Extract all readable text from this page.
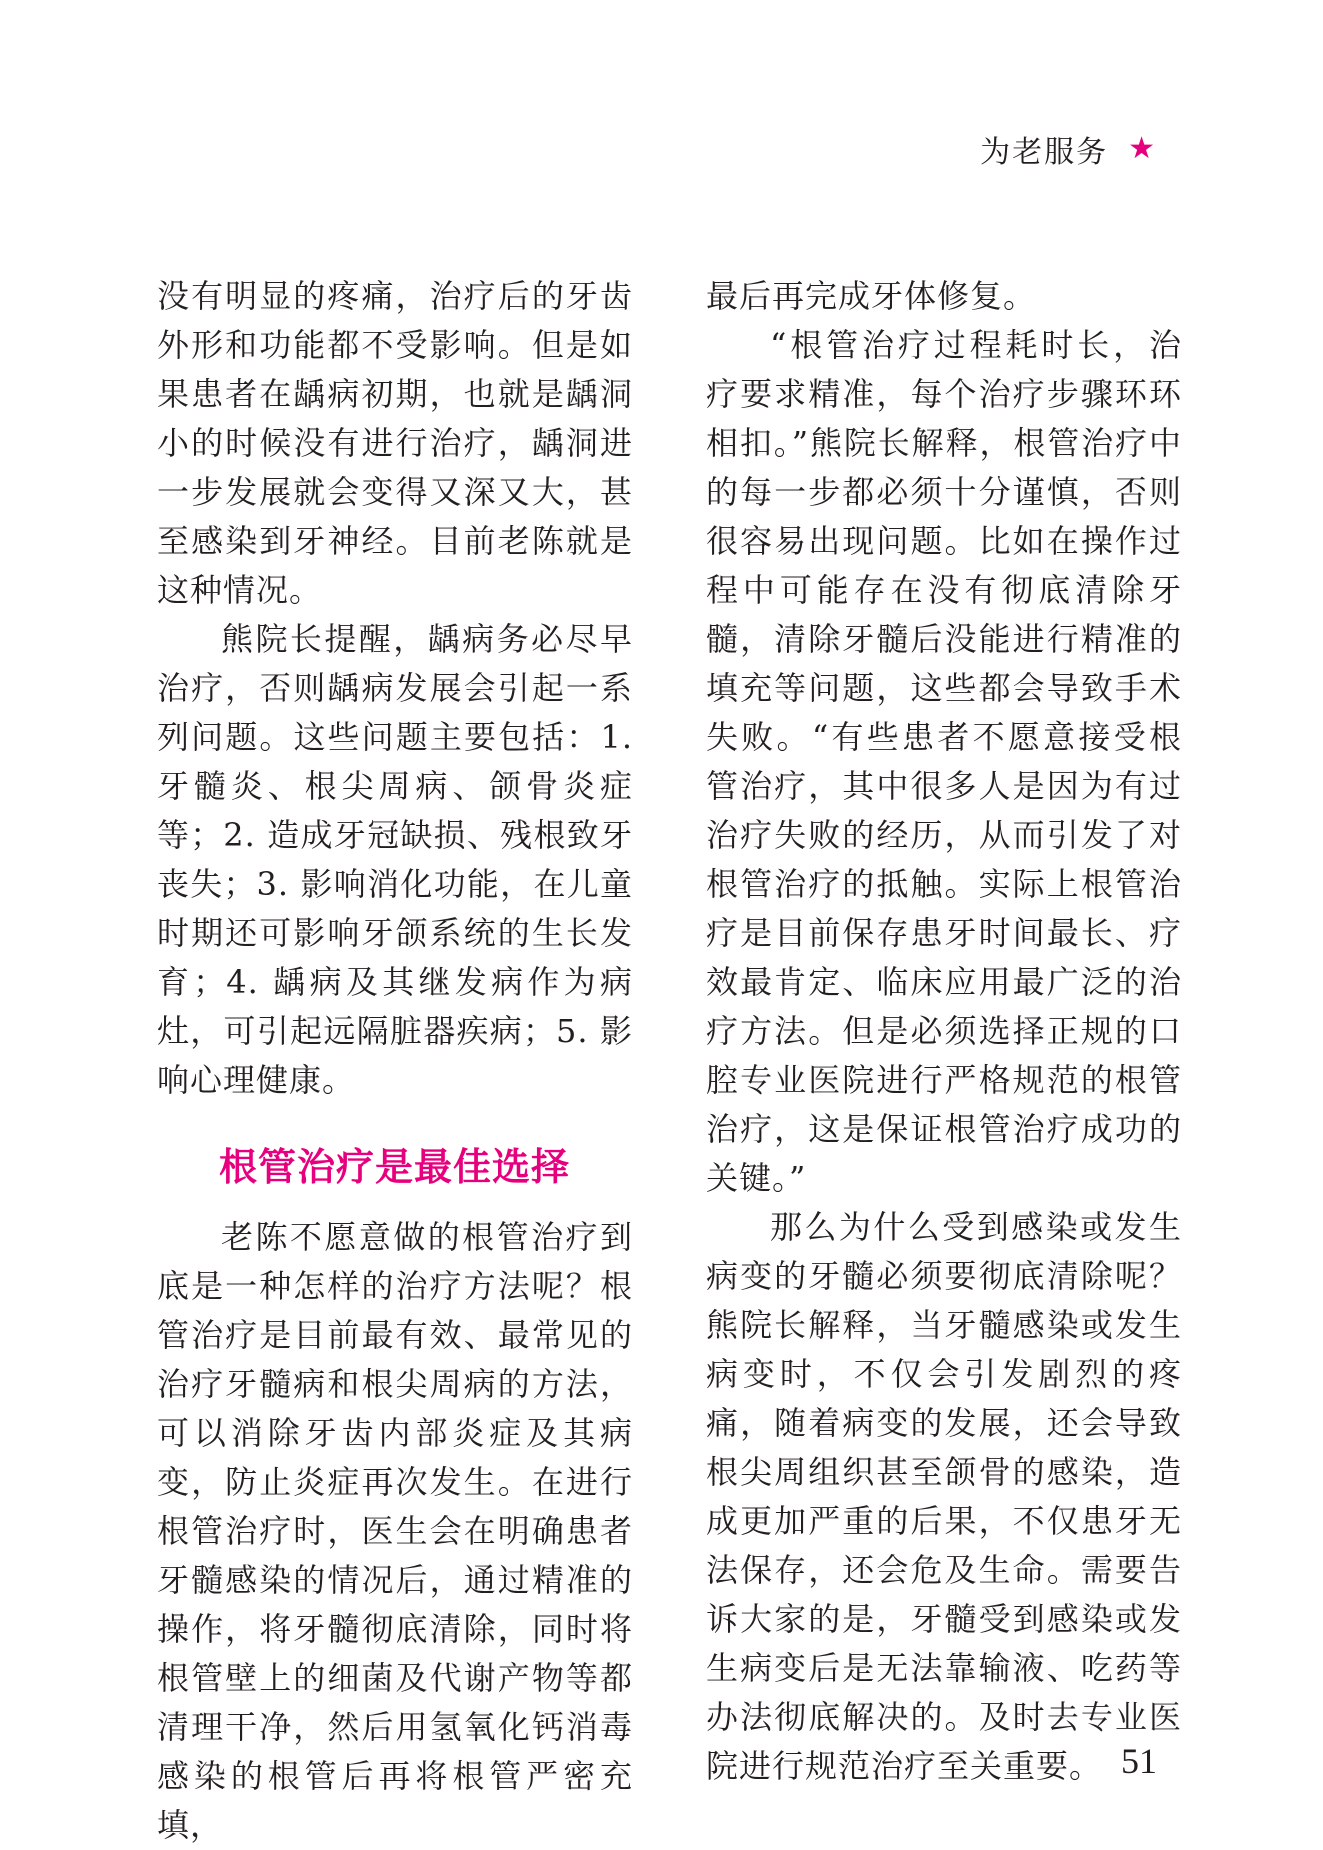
为老服务 ★

没有明显的疼痛，治疗后的牙齿外形和功能都不受影响。但是如果患者在龋病初期，也就是龋洞小的时候没有进行治疗，龋洞进一步发展就会变得又深又大，甚至感染到牙神经。目前老陈就是这种情况。

熊院长提醒，龋病务必尽早治疗，否则龋病发展会引起一系列问题。这些问题主要包括：1. 牙髓炎、根尖周病、颌骨炎症等；2. 造成牙冠缺损、残根致牙丧失；3. 影响消化功能，在儿童时期还可影响牙颌系统的生长发育；4. 龋病及其继发病作为病灶，可引起远隔脏器疾病；5. 影响心理健康。

根管治疗是最佳选择

老陈不愿意做的根管治疗到底是一种怎样的治疗方法呢？根管治疗是目前最有效、最常见的治疗牙髓病和根尖周病的方法，可以消除牙齿内部炎症及其病变，防止炎症再次发生。在进行根管治疗时，医生会在明确患者牙髓感染的情况后，通过精准的操作，将牙髓彻底清除，同时将根管壁上的细菌及代谢产物等都清理干净，然后用氢氧化钙消毒感染的根管后再将根管严密充填，

最后再完成牙体修复。

“根管治疗过程耗时长，治疗要求精准，每个治疗步骤环环相扣。”熊院长解释，根管治疗中的每一步都必须十分谨慎，否则很容易出现问题。比如在操作过程中可能存在没有彻底清除牙髓，清除牙髓后没能进行精准的填充等问题，这些都会导致手术失败。“有些患者不愿意接受根管治疗，其中很多人是因为有过治疗失败的经历，从而引发了对根管治疗的抵触。实际上根管治疗是目前保存患牙时间最长、疗效最肯定、临床应用最广泛的治疗方法。但是必须选择正规的口腔专业医院进行严格规范的根管治疗，这是保证根管治疗成功的关键。”

那么为什么受到感染或发生病变的牙髓必须要彻底清除呢？熊院长解释，当牙髓感染或发生病变时，不仅会引发剧烈的疼痛，随着病变的发展，还会导致根尖周组织甚至颌骨的感染，造成更加严重的后果，不仅患牙无法保存，还会危及生命。需要告诉大家的是，牙髓受到感染或发生病变后是无法靠输液、吃药等办法彻底解决的。及时去专业医院进行规范治疗至关重要。 51
